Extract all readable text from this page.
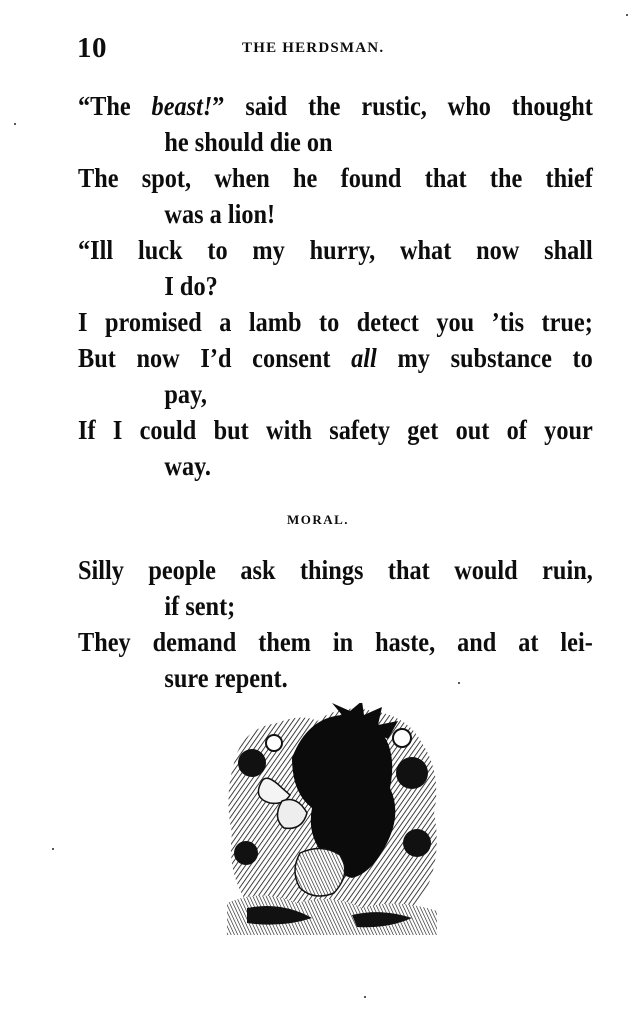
10	THE HERDSMAN.
“The beast!” said the rustic, who thought
he should die on
The spot, when he found that the thief
was a lion!
“Ill luck to my hurry, what now shall
I do?
I promised a lamb to detect you ’tis true;
But now I’d consent all my substance to
pay,
If I could but with safety get out of your
way.
MORAL.
Silly people ask things that would ruin,
if sent;
They demand them in haste, and at lei-
sure repent.
